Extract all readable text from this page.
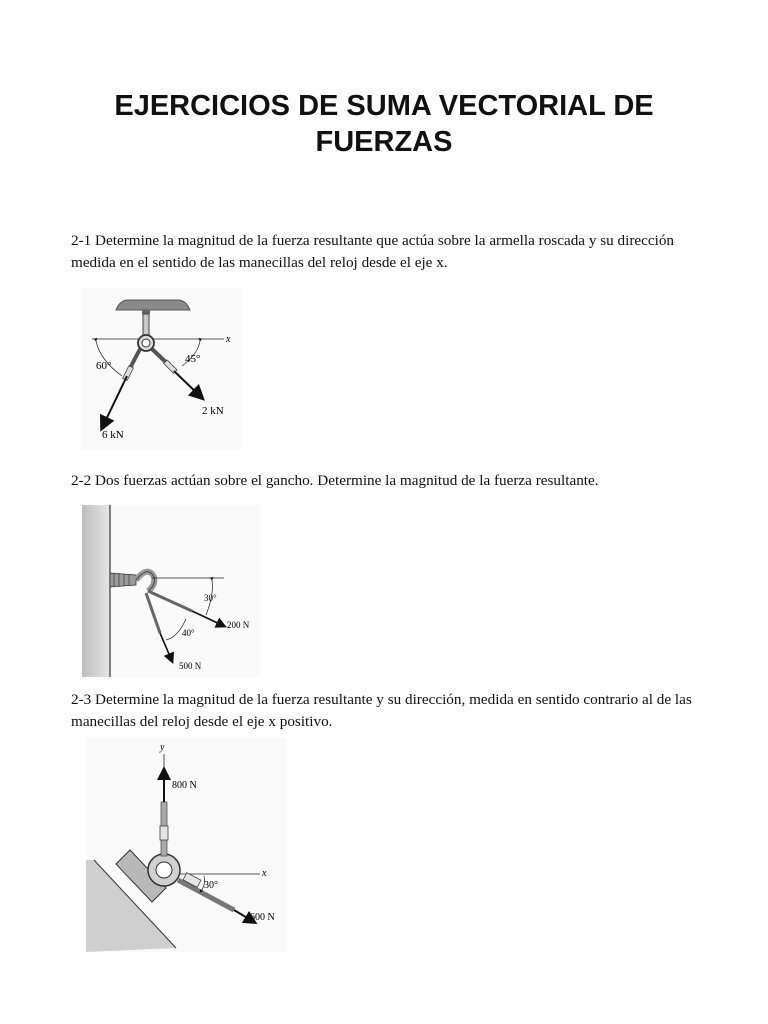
EJERCICIOS DE SUMA VECTORIAL DE FUERZAS

2-1 Determine la magnitud de la fuerza resultante que actúa sobre la armella roscada y su dirección medida en el sentido de las manecillas del reloj desde el eje x.

x
60°
45°
2 kN
6 kN

2-2 Dos fuerzas actúan sobre el gancho. Determine la magnitud de la fuerza resultante.

30°
40°
200 N
500 N

2-3 Determine la magnitud de la fuerza resultante y su dirección, medida en sentido contrario al de las manecillas del reloj desde el eje x positivo.

y
x
800 N
30°
600 N
